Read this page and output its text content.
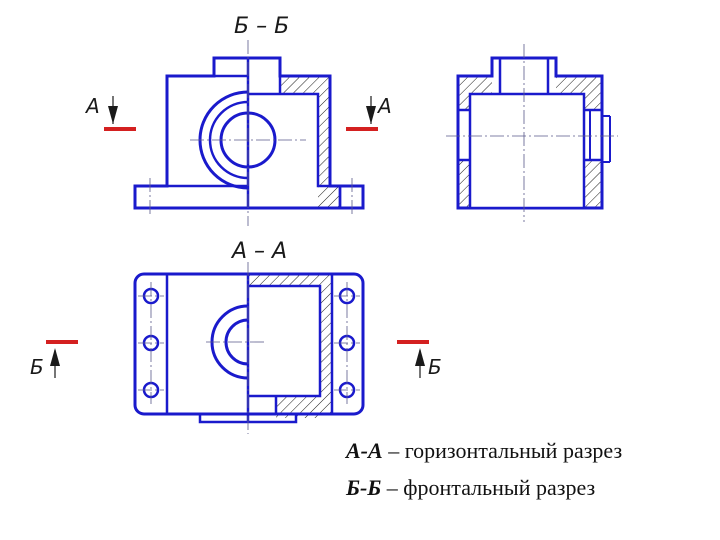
Б – Б
А	А
А – А
Б	Б
А-А – горизонтальный разрез
Б-Б – фронтальный разрез
